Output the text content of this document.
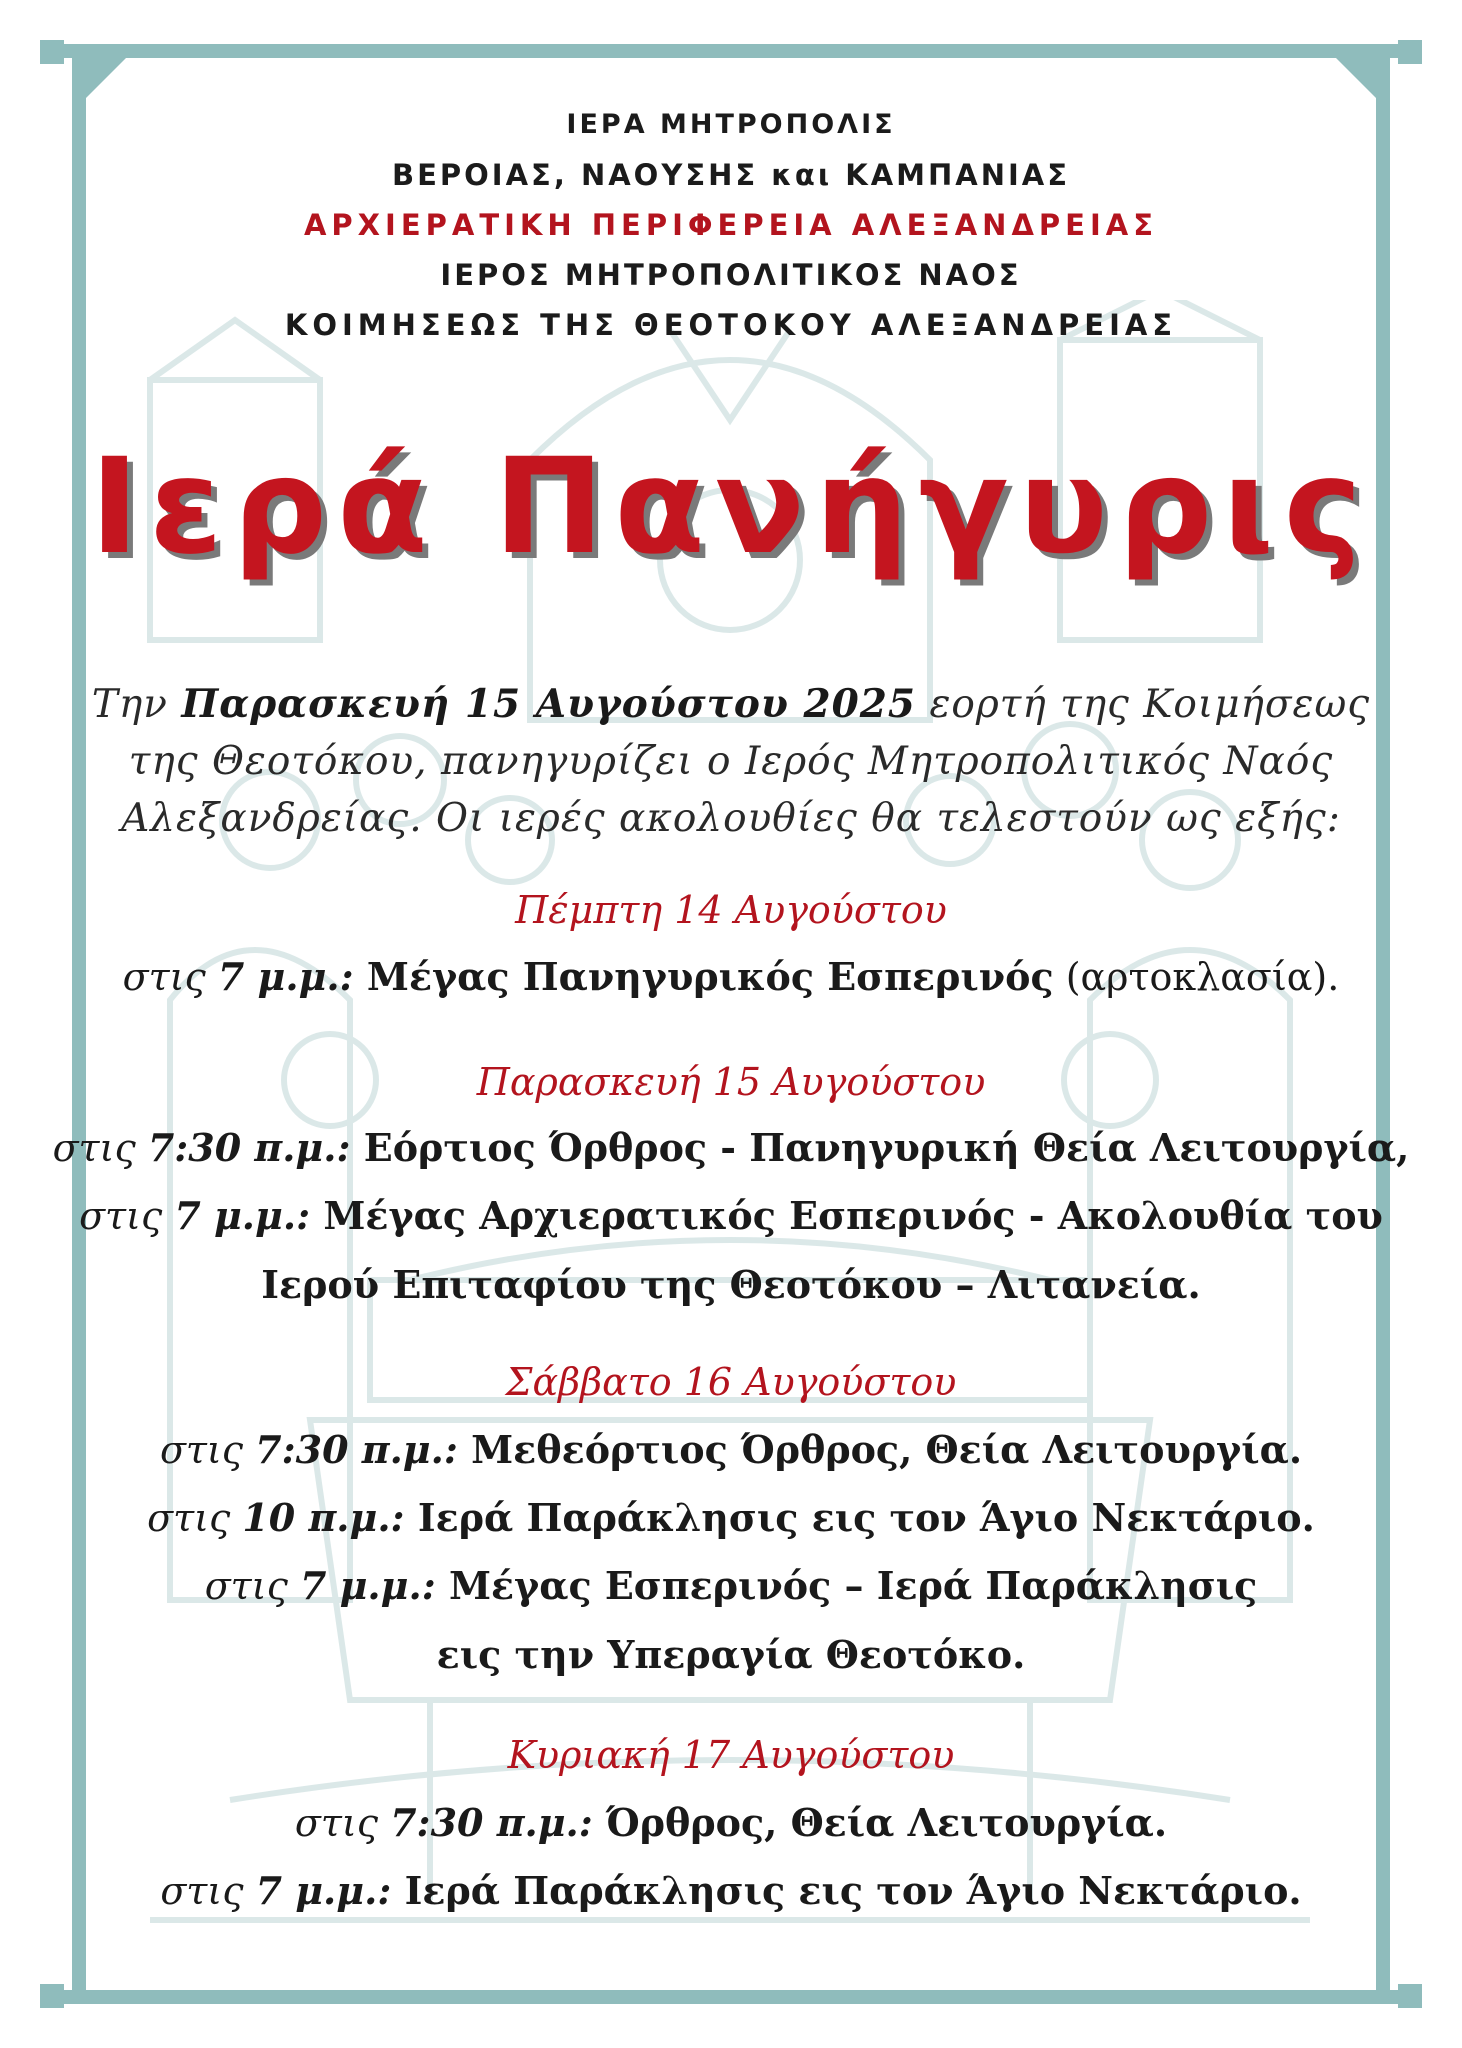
ΙΕΡΑ ΜΗΤΡΟΠΟΛΙΣ

ΒΕΡΟΙΑΣ, ΝΑΟΥΣΗΣ και ΚΑΜΠΑΝΙΑΣ

ΑΡΧΙΕΡΑΤΙΚΗ ΠΕΡΙΦΕΡΕΙΑ ΑΛΕΞΑΝΔΡΕΙΑΣ

ΙΕΡΟΣ ΜΗΤΡΟΠΟΛΙΤΙΚΟΣ ΝΑΟΣ

ΚΟΙΜΗΣΕΩΣ ΤΗΣ ΘΕΟΤΟΚΟΥ ΑΛΕΞΑΝΔΡΕΙΑΣ

Ιερά Πανήγυρις

Την Παρασκευή 15 Αυγούστου 2025 εορτή της Κοιμήσεως

της Θεοτόκου, πανηγυρίζει ο Ιερός Μητροπολιτικός Ναός

Αλεξανδρείας. Οι ιερές ακολουθίες θα τελεστούν ως εξής:

Πέμπτη 14 Αυγούστου
στις 7 μ.μ.: Μέγας Πανηγυρικός Εσπερινός (αρτοκλασία).
Παρασκευή 15 Αυγούστου
στις 7:30 π.μ.: Εόρτιος Όρθρος - Πανηγυρική Θεία Λειτουργία,
στις 7 μ.μ.: Μέγας Αρχιερατικός Εσπερινός - Ακολουθία του
Ιερού Επιταφίου της Θεοτόκου – Λιτανεία.
Σάββατο 16 Αυγούστου
στις 7:30 π.μ.: Μεθεόρτιος Όρθρος, Θεία Λειτουργία.
στις 10 π.μ.: Ιερά Παράκλησις εις τον Άγιο Νεκτάριο.
στις 7 μ.μ.: Μέγας Εσπερινός – Ιερά Παράκλησις
εις την Υπεραγία Θεοτόκο.
Κυριακή 17 Αυγούστου
στις 7:30 π.μ.: Όρθρος, Θεία Λειτουργία.
στις 7 μ.μ.: Ιερά Παράκλησις εις τον Άγιο Νεκτάριο.
